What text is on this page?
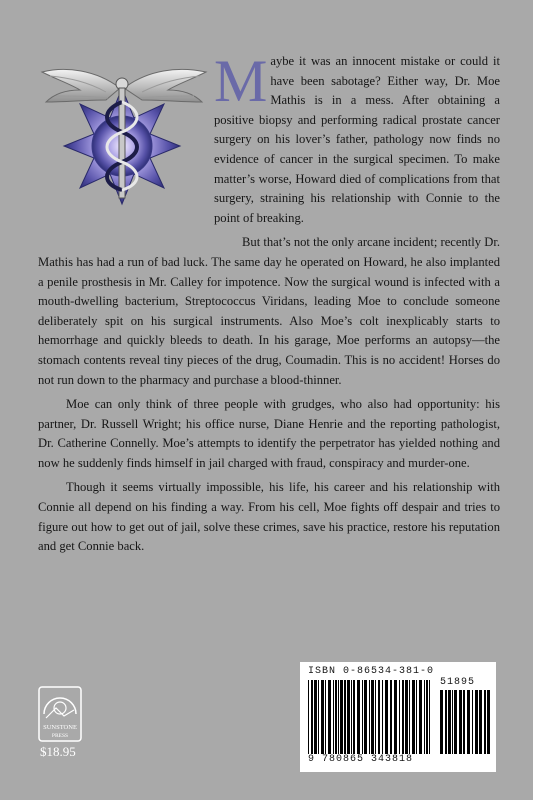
Maybe it was an innocent mistake or could it have been sabotage? Either way, Dr. Moe Mathis is in a mess. After obtaining a positive biopsy and performing radical prostate cancer surgery on his lover’s father, pathology now finds no evidence of cancer in the surgical specimen. To make matter’s worse, Howard died of complications from that surgery, straining his relationship with Connie to the point of breaking.

But that’s not the only arcane incident; recently Dr. Mathis has had a run of bad luck. The same day he operated on Howard, he also implanted a penile prosthesis in Mr. Calley for impotence. Now the surgical wound is infected with a mouth-dwelling bacterium, Streptococcus Viridans, leading Moe to conclude someone deliberately spit on his surgical instruments. Also Moe’s colt inexplicably starts to hemorrhage and quickly bleeds to death. In his garage, Moe performs an autopsy—the stomach contents reveal tiny pieces of the drug, Coumadin. This is no accident! Horses do not run down to the pharmacy and purchase a blood-thinner.

Moe can only think of three people with grudges, who also had opportunity: his partner, Dr. Russell Wright; his office nurse, Diane Henrie and the reporting pathologist, Dr. Catherine Connelly. Moe’s attempts to identify the perpetrator has yielded nothing and now he suddenly finds himself in jail charged with fraud, conspiracy and murder-one.

Though it seems virtually impossible, his life, his career and his relationship with Connie all depend on his finding a way. From his cell, Moe fights off despair and tries to figure out how to get out of jail, solve these crimes, save his practice, restore his reputation and get Connie back.

SUNSTONE
PRESS
$18.95
ISBN 0-86534-381-0
51895
9 780865 343818
